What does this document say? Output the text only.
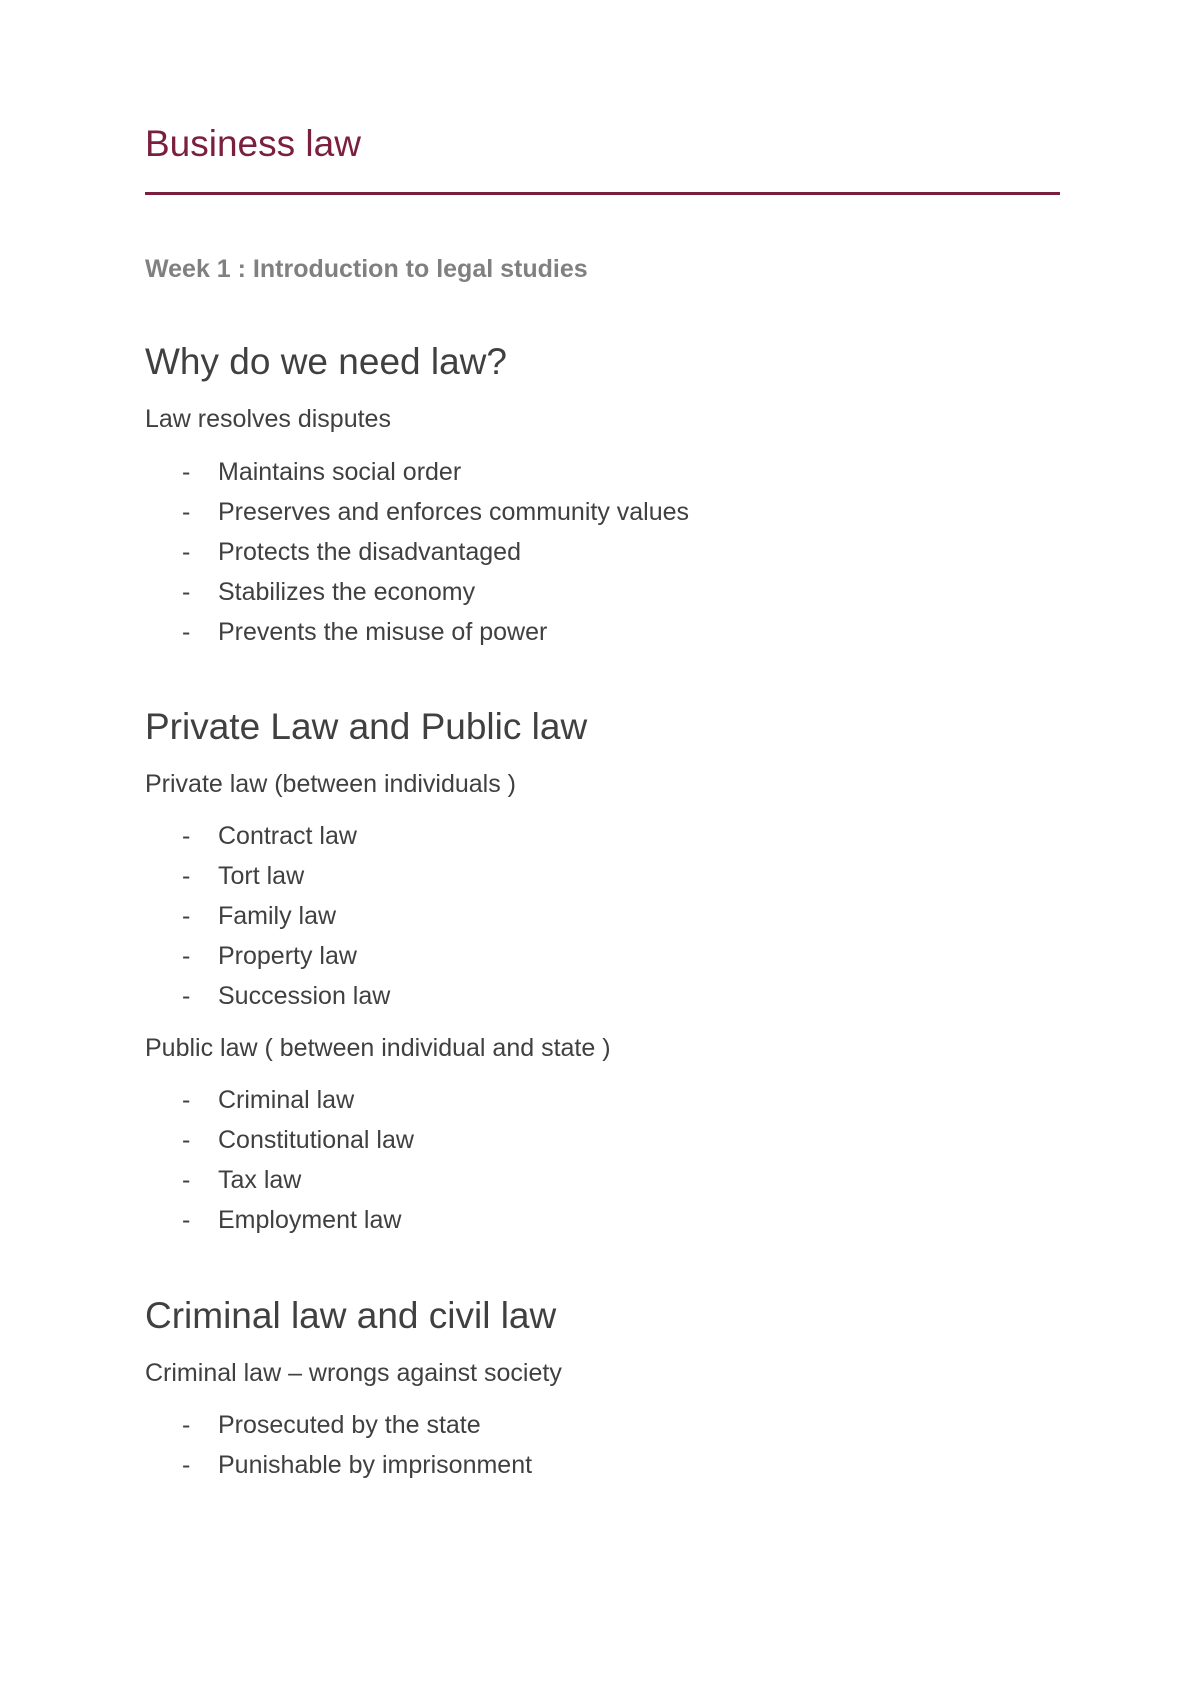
Business law

Week 1 : Introduction to legal studies

Why do we need law?

Law resolves disputes

- Maintains social order
- Preserves and enforces community values
- Protects the disadvantaged
- Stabilizes the economy
- Prevents the misuse of power
Private Law and Public law

Private law (between individuals )

- Contract law
- Tort law
- Family law
- Property law
- Succession law

Public law ( between individual and state )

- Criminal law
- Constitutional law
- Tax law
- Employment law
Criminal law and civil law

Criminal law – wrongs against society

- Prosecuted by the state
- Punishable by imprisonment
